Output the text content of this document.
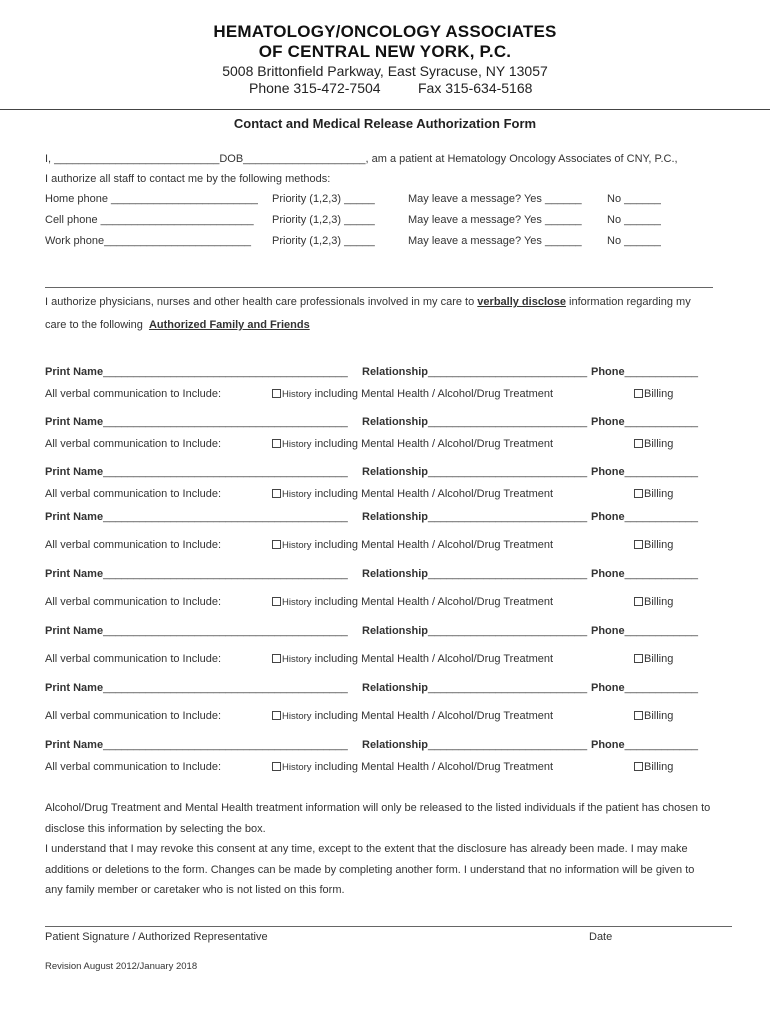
HEMATOLOGY/ONCOLOGY ASSOCIATES
OF CENTRAL NEW YORK, P.C.
5008 Brittonfield Parkway, East Syracuse, NY 13057
Phone 315-472-7504	Fax 315-634-5168
Contact and Medical Release Authorization Form
I, ___________________________DOB____________________, am a patient at Hematology Oncology Associates of CNY, P.C.,
I authorize all staff to contact me by the following methods:
Home phone ________________________ Priority (1,2,3) _____	May leave a message? Yes ______ No ______
Cell phone _________________________ Priority (1,2,3) _____	May leave a message? Yes ______ No ______
Work phone________________________ Priority (1,2,3) _____	May leave a message? Yes ______ No ______
I authorize physicians, nurses and other health care professionals involved in my care to verbally disclose information regarding my
care to the following  Authorized Family and Friends
Print Name________________________________________ Relationship__________________________ Phone____________
All verbal communication to Include:	History including Mental Health / Alcohol/Drug Treatment	Billing
Print Name________________________________________ Relationship__________________________ Phone____________
All verbal communication to Include:	History including Mental Health / Alcohol/Drug Treatment	Billing
Print Name________________________________________ Relationship__________________________ Phone____________
All verbal communication to Include:	History including Mental Health / Alcohol/Drug Treatment	Billing
Print Name________________________________________ Relationship__________________________ Phone____________
All verbal communication to Include:	History including Mental Health / Alcohol/Drug Treatment	Billing
Print Name________________________________________ Relationship__________________________ Phone____________
All verbal communication to Include:	History including Mental Health / Alcohol/Drug Treatment	Billing
Print Name________________________________________ Relationship__________________________ Phone____________
All verbal communication to Include:	History including Mental Health / Alcohol/Drug Treatment	Billing
Print Name________________________________________ Relationship__________________________ Phone____________
All verbal communication to Include:	History including Mental Health / Alcohol/Drug Treatment	Billing
Print Name________________________________________ Relationship__________________________ Phone____________
All verbal communication to Include:	History including Mental Health / Alcohol/Drug Treatment	Billing
Alcohol/Drug Treatment and Mental Health treatment information will only be released to the listed individuals if the patient has chosen to
disclose this information by selecting the box.
I understand that I may revoke this consent at any time, except to the extent that the disclosure has already been made. I may make
additions or deletions to the form. Changes can be made by completing another form. I understand that no information will be given to
any family member or caretaker who is not listed on this form.
Patient Signature / Authorized Representative	Date
Revision August 2012/January 2018
